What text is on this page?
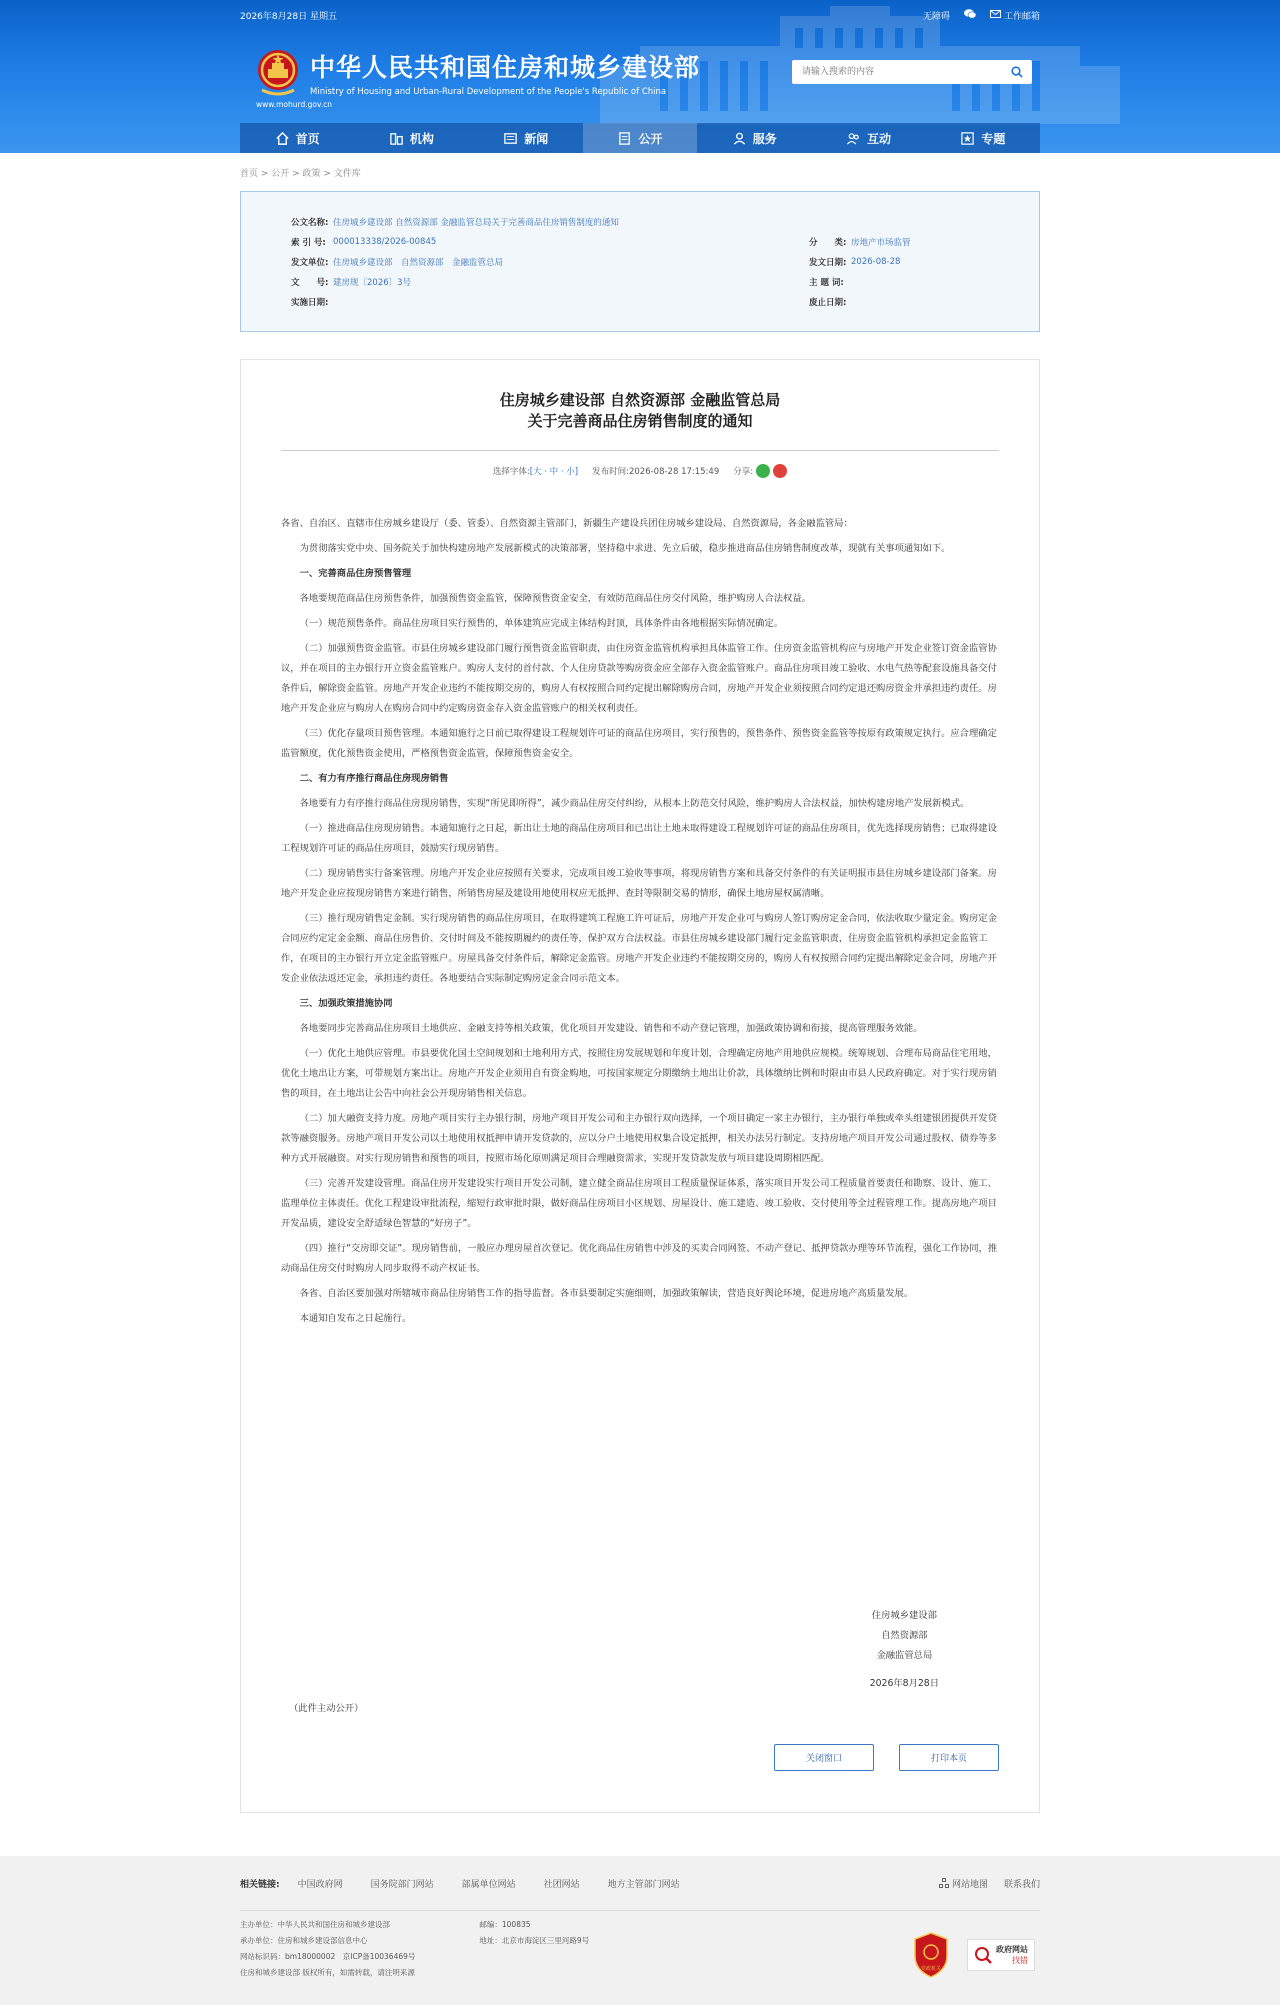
2026年8月28日 星期五	无障碍	工作邮箱
中华人民共和国住房和城乡建设部
Ministry of Housing and Urban-Rural Development of the People's Republic of China
www.mohurd.gov.cn
请输入搜索的内容
首页	机构	新闻	公开	服务	互动	专题
首页 > 公开 > 政策 > 文件库
公文名称: 住房城乡建设部 自然资源部 金融监管总局关于完善商品住房销售制度的通知
索 引 号: 000013338/2026-00845
发文单位: 住房城乡建设部　自然资源部　金融监管总局
文　　号: 建房规〔2026〕3号
实施日期:
分　　类: 房地产市场监管
发文日期: 2026-08-28
主 题 词:
废止日期:
住房城乡建设部 自然资源部 金融监管总局
关于完善商品住房销售制度的通知
选择字体:[大 · 中 · 小] 发布时间:2026-08-28 17:15:49 分享:

各省、自治区、直辖市住房城乡建设厅（委、管委）、自然资源主管部门，新疆生产建设兵团住房城乡建设局、自然资源局，各金融监管局：

为贯彻落实党中央、国务院关于加快构建房地产发展新模式的决策部署，坚持稳中求进、先立后破，稳步推进商品住房销售制度改革，现就有关事项通知如下。

一、完善商品住房预售管理

各地要规范商品住房预售条件，加强预售资金监管，保障预售资金安全，有效防范商品住房交付风险，维护购房人合法权益。

（一）规范预售条件。商品住房项目实行预售的，单体建筑应完成主体结构封顶，具体条件由各地根据实际情况确定。

（二）加强预售资金监管。市县住房城乡建设部门履行预售资金监管职责，由住房资金监管机构承担具体监管工作。住房资金监管机构应与房地产开发企业签订资金监管协议，并在项目的主办银行开立资金监管账户。购房人支付的首付款、个人住房贷款等购房资金应全部存入资金监管账户。商品住房项目竣工验收、水电气热等配套设施具备交付条件后，解除资金监管。房地产开发企业违约不能按期交房的，购房人有权按照合同约定提出解除购房合同，房地产开发企业须按照合同约定退还购房资金并承担违约责任。房地产开发企业应与购房人在购房合同中约定购房资金存入资金监管账户的相关权利责任。

（三）优化存量项目预售管理。本通知施行之日前已取得建设工程规划许可证的商品住房项目，实行预售的，预售条件、预售资金监管等按原有政策规定执行。应合理确定监管额度，优化预售资金使用，严格预售资金监管，保障预售资金安全。

二、有力有序推行商品住房现房销售

各地要有力有序推行商品住房现房销售，实现“所见即所得”，减少商品住房交付纠纷，从根本上防范交付风险，维护购房人合法权益，加快构建房地产发展新模式。

（一）推进商品住房现房销售。本通知施行之日起，新出让土地的商品住房项目和已出让土地未取得建设工程规划许可证的商品住房项目，优先选择现房销售；已取得建设工程规划许可证的商品住房项目，鼓励实行现房销售。

（二）现房销售实行备案管理。房地产开发企业应按照有关要求，完成项目竣工验收等事项，将现房销售方案和具备交付条件的有关证明报市县住房城乡建设部门备案。房地产开发企业应按现房销售方案进行销售，所销售房屋及建设用地使用权应无抵押、查封等限制交易的情形，确保土地房屋权属清晰。

（三）推行现房销售定金制。实行现房销售的商品住房项目，在取得建筑工程施工许可证后，房地产开发企业可与购房人签订购房定金合同，依法收取少量定金。购房定金合同应约定定金金额、商品住房售价、交付时间及不能按期履约的责任等，保护双方合法权益。市县住房城乡建设部门履行定金监管职责，住房资金监管机构承担定金监管工作，在项目的主办银行开立定金监管账户。房屋具备交付条件后，解除定金监管。房地产开发企业违约不能按期交房的，购房人有权按照合同约定提出解除定金合同，房地产开发企业依法返还定金，承担违约责任。各地要结合实际制定购房定金合同示范文本。

三、加强政策措施协同

各地要同步完善商品住房项目土地供应、金融支持等相关政策，优化项目开发建设、销售和不动产登记管理，加强政策协调和衔接，提高管理服务效能。

（一）优化土地供应管理。市县要优化国土空间规划和土地利用方式，按照住房发展规划和年度计划，合理确定房地产用地供应规模。统筹规划、合理布局商品住宅用地，优化土地出让方案，可带规划方案出让。房地产开发企业须用自有资金购地，可按国家规定分期缴纳土地出让价款，具体缴纳比例和时限由市县人民政府确定。对于实行现房销售的项目，在土地出让公告中向社会公开现房销售相关信息。

（二）加大融资支持力度。房地产项目实行主办银行制，房地产项目开发公司和主办银行双向选择，一个项目确定一家主办银行，主办银行单独或牵头组建银团提供开发贷款等融资服务。房地产项目开发公司以土地使用权抵押申请开发贷款的，应以分户土地使用权集合设定抵押，相关办法另行制定。支持房地产项目开发公司通过股权、债券等多种方式开展融资。对实行现房销售和预售的项目，按照市场化原则满足项目合理融资需求，实现开发贷款发放与项目建设周期相匹配。

（三）完善开发建设管理。商品住房开发建设实行项目开发公司制，建立健全商品住房项目工程质量保证体系，落实项目开发公司工程质量首要责任和勘察、设计、施工、监理单位主体责任。优化工程建设审批流程，缩短行政审批时限，做好商品住房项目小区规划、房屋设计、施工建造、竣工验收、交付使用等全过程管理工作。提高房地产项目开发品质，建设安全舒适绿色智慧的“好房子”。

（四）推行“交房即交证”。现房销售前，一般应办理房屋首次登记。优化商品住房销售中涉及的买卖合同网签、不动产登记、抵押贷款办理等环节流程，强化工作协同，推动商品住房交付时购房人同步取得不动产权证书。

各省、自治区要加强对所辖城市商品住房销售工作的指导监督。各市县要制定实施细则，加强政策解读，营造良好舆论环境，促进房地产高质量发展。

本通知自发布之日起施行。

住房城乡建设部
自然资源部
金融监管总局
2026年8月28日
（此件主动公开）
关闭窗口	打印本页
相关链接: 中国政府网	国务院部门网站	部属单位网站	社团网站	地方主管部门网站	网站地图 联系我们
主办单位：中华人民共和国住房和城乡建设部
承办单位：住房和城乡建设部信息中心
网站标识码：bm18000002　京ICP备10036469号
住房和城乡建设部 版权所有，如需转载，请注明来源
邮编：100835
地址：北京市海淀区三里河路9号
党政机关
政府网站
找错
